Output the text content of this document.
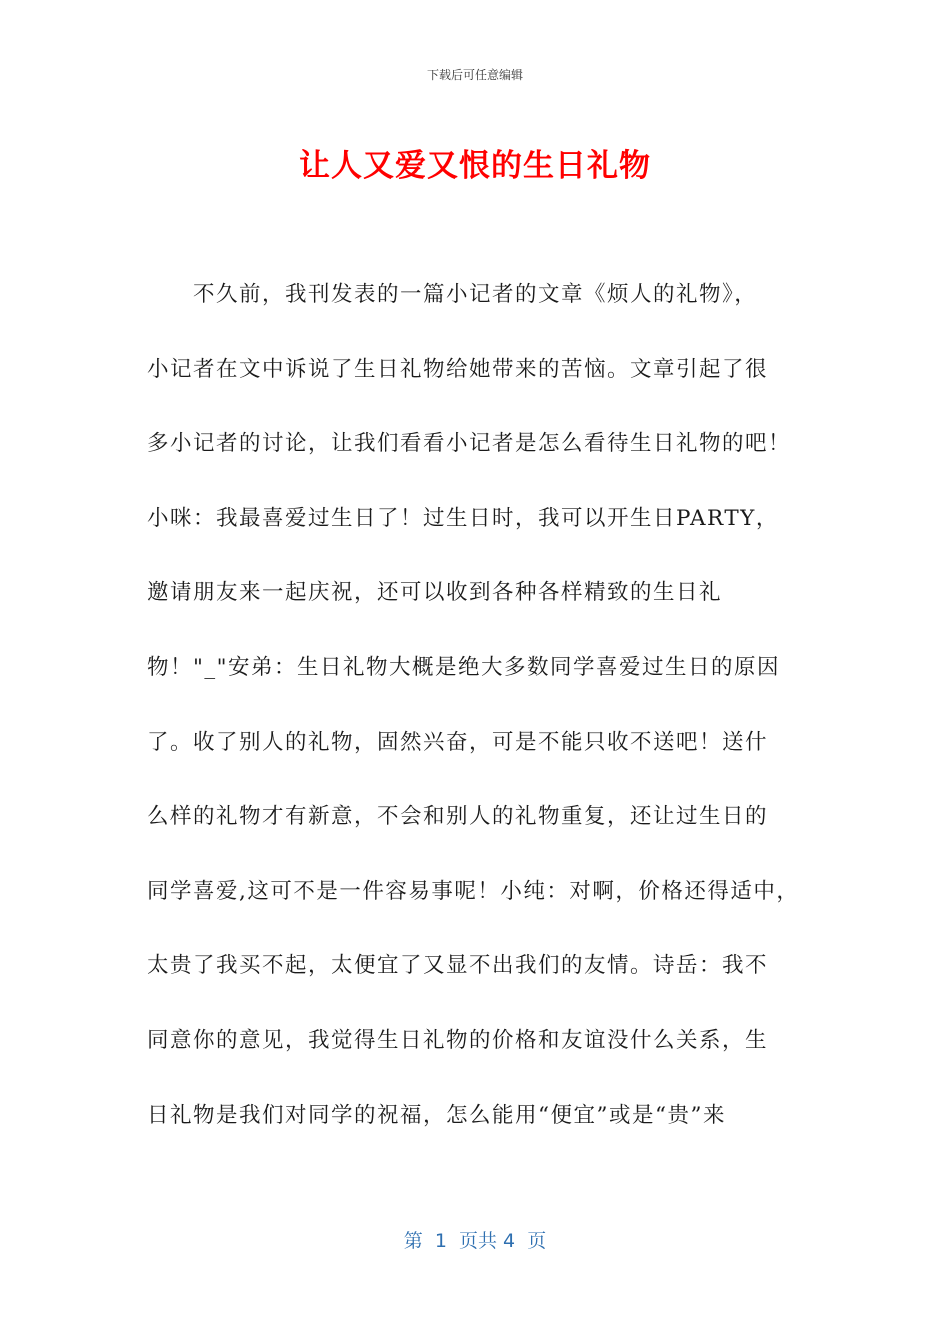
下载后可任意编辑
让人又爱又恨的生日礼物
不久前，我刊发表的一篇小记者的文章《烦人的礼物》，
小记者在文中诉说了生日礼物给她带来的苦恼。文章引起了很
多小记者的讨论，让我们看看小记者是怎么看待生日礼物的吧！
小咪：我最喜爱过生日了！过生日时，我可以开生日PARTY，
邀请朋友来一起庆祝，还可以收到各种各样精致的生日礼
物！"_"安弟：生日礼物大概是绝大多数同学喜爱过生日的原因
了。收了别人的礼物，固然兴奋，可是不能只收不送吧！送什
么样的礼物才有新意，不会和别人的礼物重复，还让过生日的
同学喜爱,这可不是一件容易事呢！小纯：对啊，价格还得适中，
太贵了我买不起，太便宜了又显不出我们的友情。诗岳：我不
同意你的意见，我觉得生日礼物的价格和友谊没什么关系，生
日礼物是我们对同学的祝福，怎么能用“便宜”或是“贵”来
第  1  页共 4  页
